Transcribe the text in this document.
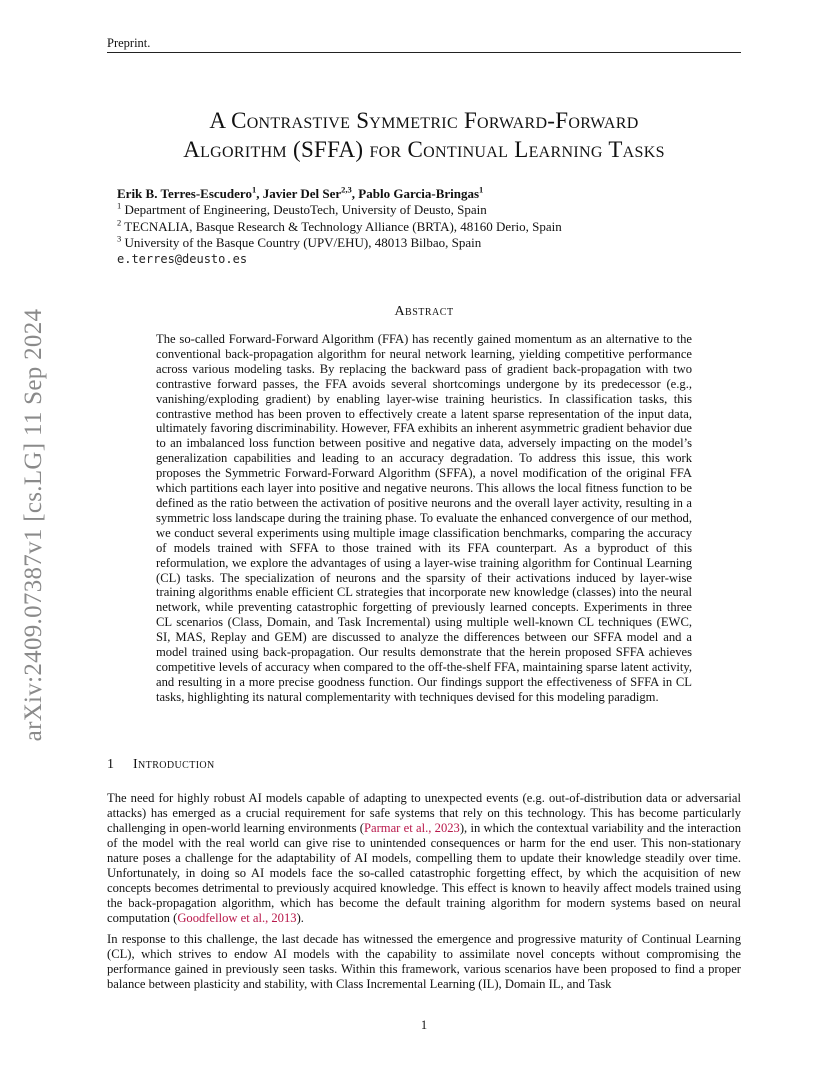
Preprint.
arXiv:2409.07387v1 [cs.LG] 11 Sep 2024
A Contrastive Symmetric Forward-Forward
Algorithm (SFFA) for Continual Learning Tasks
Erik B. Terres-Escudero$^1$, Javier Del Ser$^{2,3}$, Pablo Garcia-Bringas$^1$
$^1$ Department of Engineering, DeustoTech, University of Deusto, Spain
$^2$ TECNALIA, Basque Research & Technology Alliance (BRTA), 48160 Derio, Spain
$^3$ University of the Basque Country (UPV/EHU), 48013 Bilbao, Spain
e.terres@deusto.es
Abstract
The so-called Forward-Forward Algorithm (FFA) has recently gained momentum as an alternative to the conventional back-propagation algorithm for neural network learning, yielding competitive performance across various modeling tasks. By replacing the backward pass of gradient back-propagation with two contrastive forward passes, the FFA avoids several shortcomings undergone by its predecessor (e.g., vanishing/exploding gradient) by enabling layer-wise training heuristics. In classification tasks, this contrastive method has been proven to effectively create a latent sparse representation of the input data, ultimately favoring discriminability. However, FFA exhibits an inherent asymmetric gradient behavior due to an imbalanced loss function between positive and negative data, adversely impacting on the model’s generalization capabilities and leading to an accuracy degradation. To address this issue, this work proposes the Symmetric Forward-Forward Algorithm (SFFA), a novel modification of the original FFA which partitions each layer into positive and negative neurons. This allows the local fitness function to be defined as the ratio between the activation of positive neurons and the overall layer activity, resulting in a symmetric loss landscape during the training phase. To evaluate the enhanced convergence of our method, we conduct several experiments using multiple image classification benchmarks, comparing the accuracy of models trained with SFFA to those trained with its FFA counterpart. As a byproduct of this reformulation, we explore the advantages of using a layer-wise training algorithm for Continual Learning (CL) tasks. The specialization of neurons and the sparsity of their activations induced by layer-wise training algorithms enable efficient CL strategies that incorporate new knowledge (classes) into the neural network, while preventing catastrophic forgetting of previously learned concepts. Experiments in three CL scenarios (Class, Domain, and Task Incremental) using multiple well-known CL techniques (EWC, SI, MAS, Replay and GEM) are discussed to analyze the differences between our SFFA model and a model trained using back-propagation. Our results demonstrate that the herein proposed SFFA achieves competitive levels of accuracy when compared to the off-the-shelf FFA, maintaining sparse latent activity, and resulting in a more precise goodness function. Our findings support the effectiveness of SFFA in CL tasks, highlighting its natural complementarity with techniques devised for this modeling paradigm.
1 Introduction

The need for highly robust AI models capable of adapting to unexpected events (e.g. out-of-distribution data or adversarial attacks) has emerged as a crucial requirement for safe systems that rely on this technology. This has become particularly challenging in open-world learning environments (Parmar et al., 2023), in which the contextual variability and the interaction of the model with the real world can give rise to unintended consequences or harm for the end user. This non-stationary nature poses a challenge for the adaptability of AI models, compelling them to update their knowledge steadily over time. Unfortunately, in doing so AI models face the so-called catastrophic forgetting effect, by which the acquisition of new concepts becomes detrimental to previously acquired knowledge. This effect is known to heavily affect models trained using the back-propagation algorithm, which has become the default training algorithm for modern systems based on neural computation (Goodfellow et al., 2013).

In response to this challenge, the last decade has witnessed the emergence and progressive maturity of Continual Learning (CL), which strives to endow AI models with the capability to assimilate novel concepts without compromising the performance gained in previously seen tasks. Within this framework, various scenarios have been proposed to find a proper balance between plasticity and stability, with Class Incremental Learning (IL), Domain IL, and Task

1
